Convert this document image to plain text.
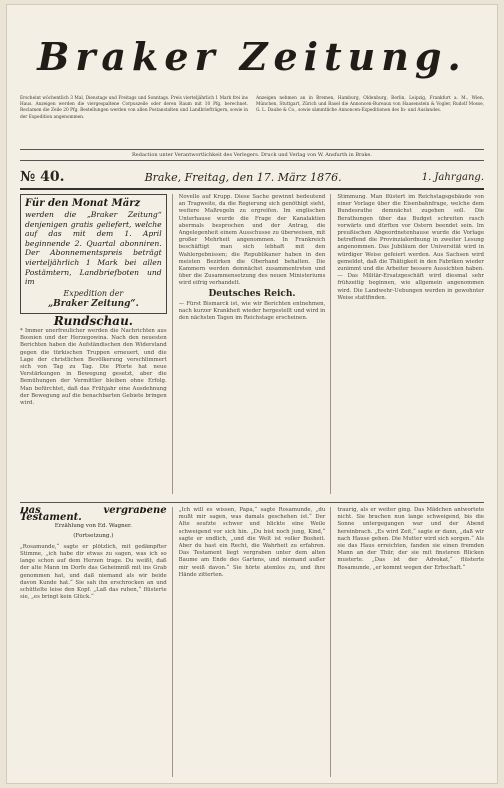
Braker Zeitung.
Erscheint wöchentlich 3 Mal, Dienstags und Freitags und Sonntags. Preis vierteljährlich 1 Mark frei ins Haus. Anzeigen werden die viergespaltene Corpuszeile oder deren Raum mit 10 Pfg. berechnet. Reclamen die Zeile 20 Pfg. Bestellungen werden von allen Postanstalten und Landbriefträgern, sowie in der Expedition angenommen.
Anzeigen nehmen an in Bremen, Hamburg, Oldenburg, Berlin, Leipzig, Frankfurt a. M., Wien, München, Stuttgart, Zürich und Basel die Annoncen-Bureaux von Haasenstein & Vogler, Rudolf Mosse, G. L. Daube & Co., sowie sämmtliche Annoncen-Expeditionen des In- und Auslandes.
Redaction unter Verantwortlichkeit des Verlegers. Druck und Verlag von W. Ansfurth in Brake.
№ 40.	Brake, Freitag, den 17. März 1876.	1. Jahrgang.
Für den Monat März
werden die „Braker Zeitung“ denjenigen gratis geliefert, welche auf das mit dem 1. April beginnende 2. Quartal abonniren. Der Abonnementspreis beträgt vierteljährlich 1 Mark bei allen Postämtern, Landbriefboten und im
Expedition der
„Braker Zeitung“.
Rundschau.
* Immer unerfreulicher werden die Nachrichten aus Bosnien und der Herzegowina. Nach den neuesten Berichten haben die Aufständischen den Widerstand gegen die türkischen Truppen erneuert, und die Lage der christlichen Bevölkerung verschlimmert sich von Tag zu Tag. Die Pforte hat neue Verstärkungen in Bewegung gesetzt, aber die Bemühungen der Vermittler bleiben ohne Erfolg. Man befürchtet, daß das Frühjahr eine Ausdehnung der Bewegung auf die benachbarten Gebiete bringen wird.
Novelle auf Krupp. Diese Sache gewinnt bedeutend an Tragweite, da die Regierung sich genöthigt sieht, weitere Maßregeln zu ergreifen. Im englischen Unterhause wurde die Frage der Kanalaktien abermals besprochen und der Antrag, die Angelegenheit einem Ausschusse zu überweisen, mit großer Mehrheit angenommen. In Frankreich beschäftigt man sich lebhaft mit den Wahlergebnissen; die Republikaner haben in den meisten Bezirken die Oberhand behalten. Die Kammern werden demnächst zusammentreten und über die Zusammensetzung des neuen Ministeriums wird eifrig verhandelt.
Deutsches Reich.
— Fürst Bismarck ist, wie wir Berichten entnehmen, nach kurzer Krankheit wieder hergestellt und wird in den nächsten Tagen im Reichstage erscheinen.
Stimmung. Man flüstert im Reichstagsgebäude von einer Vorlage über die Eisenbahnfrage, welche dem Bundesrathe demnächst zugehen soll. Die Berathungen über das Budget schreiten rasch vorwärts und dürften vor Ostern beendet sein. Im preußischen Abgeordnetenhause wurde die Vorlage betreffend die Provinzialordnung in zweiter Lesung angenommen. Das Jubiläum der Universität wird in würdiger Weise gefeiert werden. Aus Sachsen wird gemeldet, daß die Thätigkeit in den Fabriken wieder zunimmt und die Arbeiter bessere Aussichten haben. — Das Militär-Ersatzgeschäft wird diesmal sehr frühzeitig beginnen, wie allgemein angenommen wird. Die Landwehr-Uebungen werden in gewohnter Weise stattfinden.
Das vergrabene Testament.
Erzählung von Ed. Wagner.
(Fortsetzung.)
„Rosamunde,“ sagte er plötzlich, mit gedämpfter Stimme, „ich habe dir etwas zu sagen, was ich so lange schon auf dem Herzen trage. Du weißt, daß der alte Mann im Dorfe das Geheimniß mit ins Grab genommen hat, und daß niemand als wir beide davon Kunde hat.“ Sie sah ihn erschrocken an und schüttelte leise den Kopf. „Laß das ruhen,“ flüsterte sie, „es bringt kein Glück.“
„Ich will es wissen, Papa,“ sagte Rosamunde, „du mußt mir sagen, was damals geschehen ist.“ Der Alte seufzte schwer und blickte eine Weile schweigend vor sich hin. „Du bist noch jung, Kind,“ sagte er endlich, „und die Welt ist voller Bosheit. Aber du hast ein Recht, die Wahrheit zu erfahren. Das Testament liegt vergraben unter dem alten Baume am Ende des Gartens, und niemand außer mir weiß davon.“ Sie hörte atemlos zu, und ihre Hände zitterten.
traurig, als er weiter ging. Das Mädchen antwortete nicht. Sie brachen nun lange schweigend, bis die Sonne untergegangen war und der Abend hereinbrach. „Es wird Zeit,“ sagte er dann, „daß wir nach Hause gehen. Die Mutter wird sich sorgen.“ Als sie das Haus erreichten, fanden sie einen fremden Mann an der Thür, der sie mit finsteren Blicken musterte. „Das ist der Advokat,“ flüsterte Rosamunde, „er kommt wegen der Erbschaft.“
